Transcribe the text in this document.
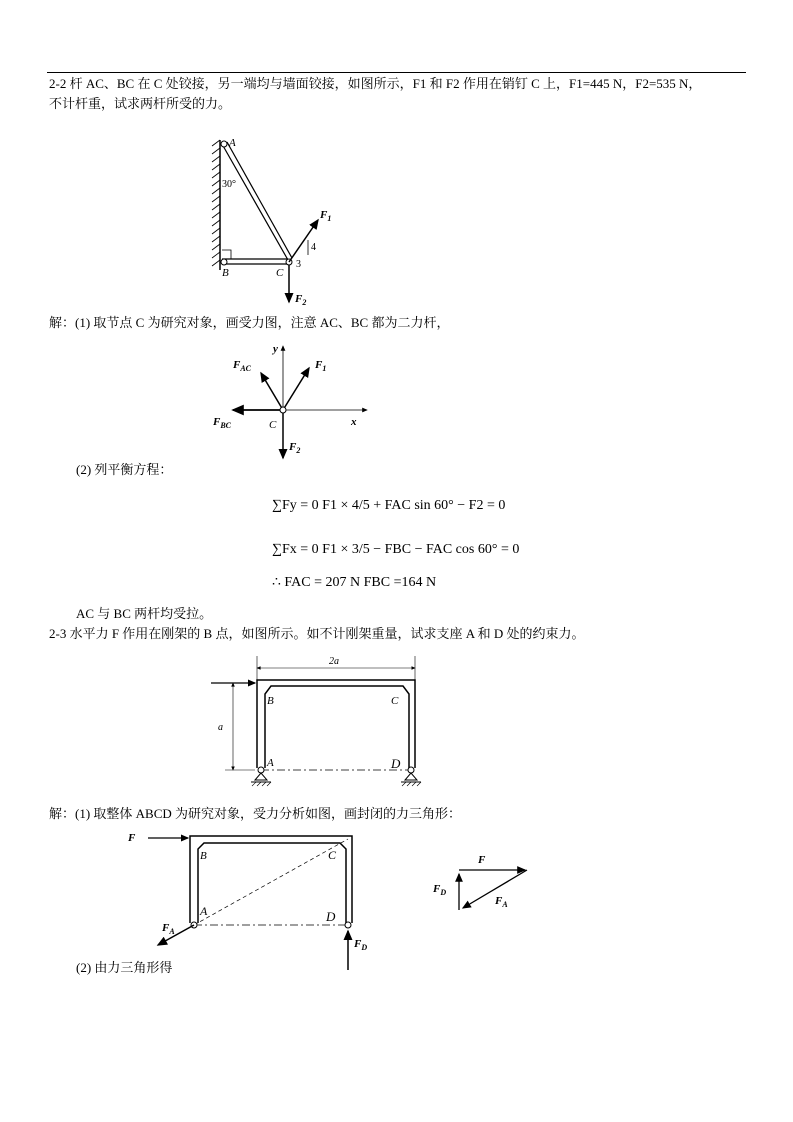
2-2 杆 AC、BC 在 C 处铰接，另一端均与墙面铰接，如图所示，F1 和 F2 作用在销钉 C 上，F1=445 N，F2=535 N，
不计杆重，试求两杆所受的力。
A
30°
B	C
4
3
$F_1$
$F_2$
解：(1) 取节点 C 为研究对象，画受力图，注意 AC、BC 都为二力杆，
$F_{AC}$	$F_1$
$F_{BC}$	C
$F_2$
x
y
(2) 列平衡方程：
∑Fy = 0 F1 × 4/5 + FAC sin 60° − F2 = 0
∑Fx = 0 F1 × 3/5 − FBC − FAC cos 60° = 0
∴ FAC = 207 N FBC =164 N
AC 与 BC 两杆均受拉。
2-3 水平力 F 作用在刚架的 B 点，如图所示。如不计刚架重量，试求支座 A 和 D 处的约束力。
2a
a
B	C
A	D
解：(1) 取整体 ABCD 为研究对象，受力分析如图，画封闭的力三角形：
F
B	C
A	D
$F_A$
$F_D$
F
$F_D$
$F_A$
(2) 由力三角形得
